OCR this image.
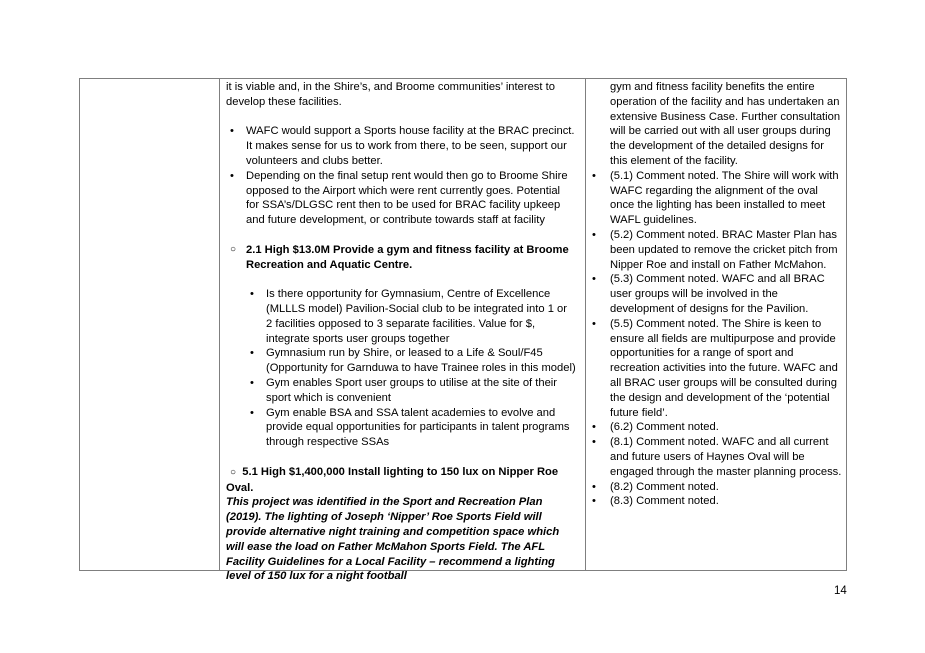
it is viable and, in the Shire’s, and Broome communities’ interest to develop these facilities.

• WAFC would support a Sports house facility at the BRAC precinct. It makes sense for us to work from there, to be seen, support our volunteers and clubs better.
• Depending on the final setup rent would then go to Broome Shire opposed to the Airport which were rent currently goes. Potential for SSA’s/DLGSC rent then to be used for BRAC facility upkeep and future development, or contribute towards staff at facility
○ 2.1 High $13.0M Provide a gym and fitness facility at Broome Recreation and Aquatic Centre.
• Is there opportunity for Gymnasium, Centre of Excellence (MLLLS model) Pavilion-Social club to be integrated into 1 or 2 facilities opposed to 3 separate facilities. Value for $, integrate sports user groups together
• Gymnasium run by Shire, or leased to a Life & Soul/F45 (Opportunity for Garnduwa to have Trainee roles in this model)
• Gym enables Sport user groups to utilise at the site of their sport which is convenient
• Gym enable BSA and SSA talent academies to evolve and provide equal opportunities for participants in talent programs through respective SSAs

○ 5.1 High $1,400,000 Install lighting to 150 lux on Nipper Roe Oval.

This project was identified in the Sport and Recreation Plan (2019). The lighting of Joseph ‘Nipper’ Roe Sports Field will provide alternative night training and competition space which will ease the load on Father McMahon Sports Field. The AFL Facility Guidelines for a Local Facility – recommend a lighting level of 150 lux for a night football

gym and fitness facility benefits the entire operation of the facility and has undertaken an extensive Business Case. Further consultation will be carried out with all user groups during the development of the detailed designs for this element of the facility.

• (5.1) Comment noted. The Shire will work with WAFC regarding the alignment of the oval once the lighting has been installed to meet WAFL guidelines.
• (5.2) Comment noted. BRAC Master Plan has been updated to remove the cricket pitch from Nipper Roe and install on Father McMahon.
• (5.3) Comment noted. WAFC and all BRAC user groups will be involved in the development of designs for the Pavilion.
• (5.5) Comment noted. The Shire is keen to ensure all fields are multipurpose and provide opportunities for a range of sport and recreation activities into the future. WAFC and all BRAC user groups will be consulted during the design and development of the ‘potential future field’.
• (6.2) Comment noted.
• (8.1) Comment noted. WAFC and all current and future users of Haynes Oval will be engaged through the master planning process.
• (8.2) Comment noted.
• (8.3) Comment noted.
14
